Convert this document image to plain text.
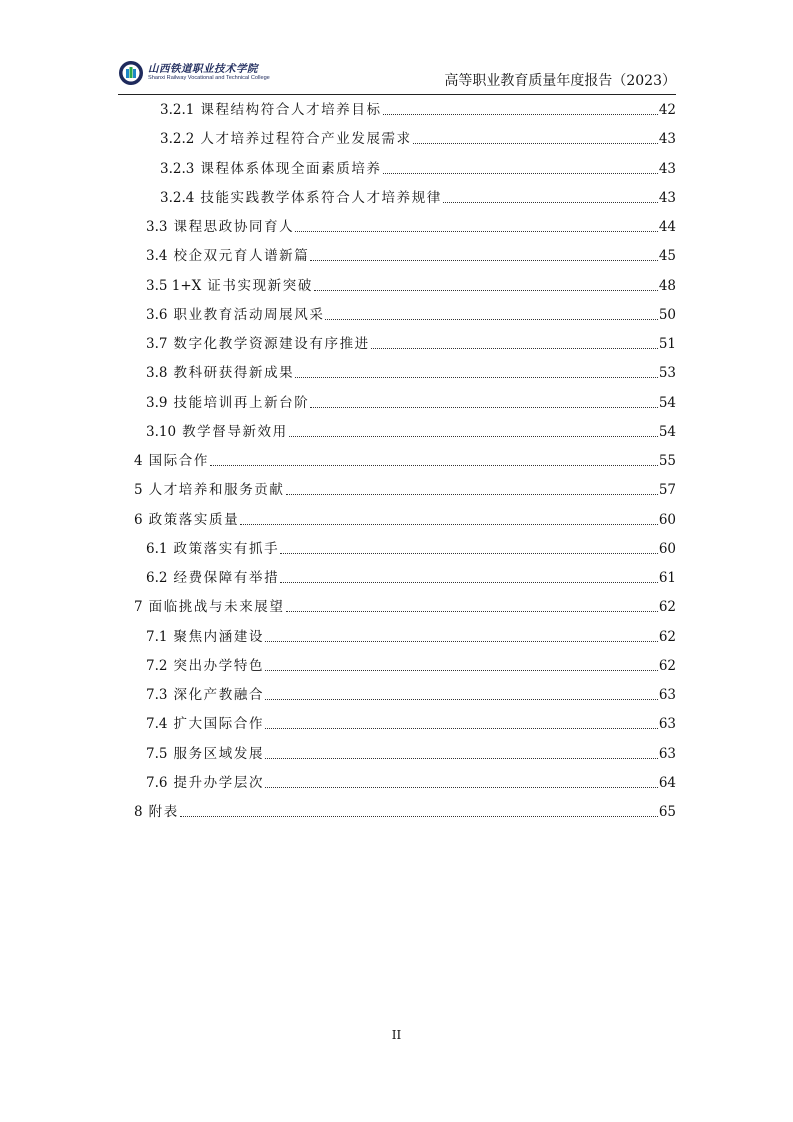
山西铁道职业技术学院
Shanxi Railway Vocational and Technical College	高等职业教育质量年度报告（2023）
3.2.1 课程结构符合人才培养目标	42
3.2.2 人才培养过程符合产业发展需求	43
3.2.3 课程体系体现全面素质培养	43
3.2.4 技能实践教学体系符合人才培养规律	43
3.3 课程思政协同育人	44
3.4 校企双元育人谱新篇	45
3.5 1+X 证书实现新突破	48
3.6 职业教育活动周展风采	50
3.7 数字化教学资源建设有序推进	51
3.8 教科研获得新成果	53
3.9 技能培训再上新台阶	54
3.10 教学督导新效用	54
4 国际合作	55
5 人才培养和服务贡献	57
6 政策落实质量	60
6.1 政策落实有抓手	60
6.2 经费保障有举措	61
7 面临挑战与未来展望	62
7.1 聚焦内涵建设	62
7.2 突出办学特色	62
7.3 深化产教融合	63
7.4 扩大国际合作	63
7.5 服务区域发展	63
7.6 提升办学层次	64
8 附表	65
II
